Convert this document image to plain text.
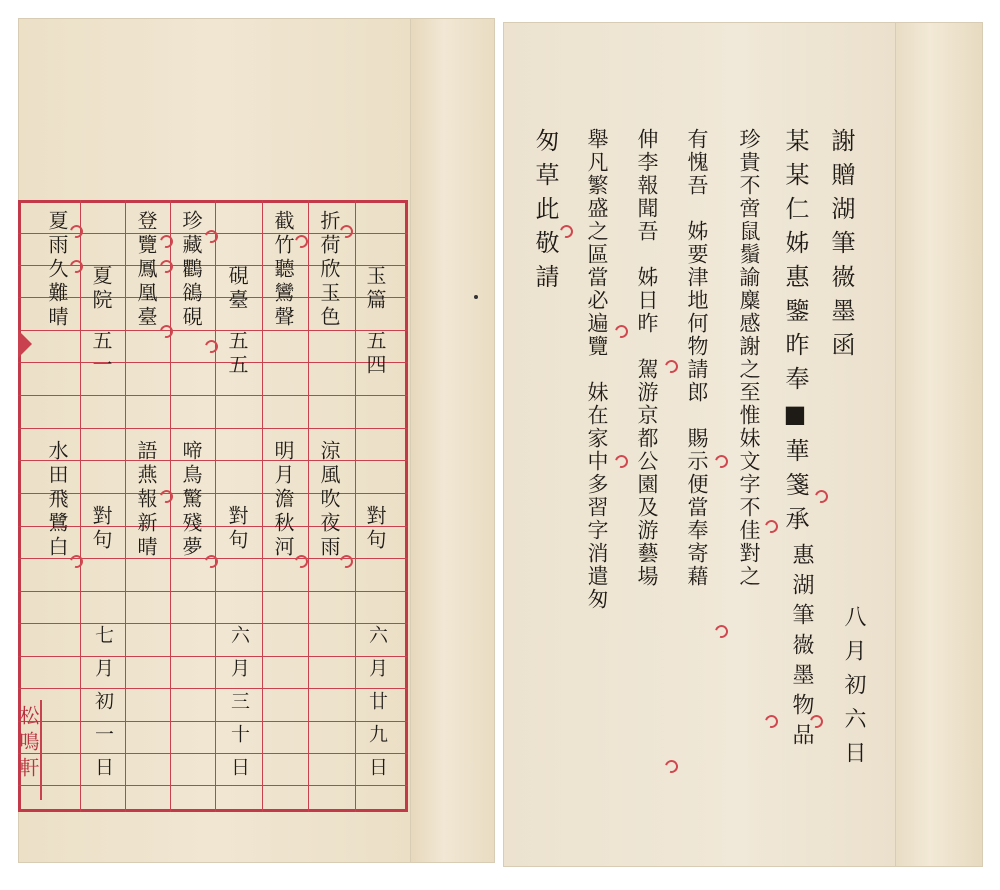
松鳴軒
玉篇
五四
對句
六月廿九日
折荷欣玉色
涼風吹夜雨
截竹聽鸞聲
明月澹秋河
硯臺
五五
對句
六月三十日
珍藏鸜鵒硯
啼鳥驚殘夢
登覽鳳凰臺
語燕報新晴
夏院
五一
對句
七月初一日
夏雨久難晴
水田飛鷺白
謝贈湖筆嶶墨函
某某仁姊惠鑒昨奉■華箋承
惠湖筆嶶墨物品
珍貴不啻鼠鬚諭麋感謝之至惟妹文字不佳對之
有愧吾　姊要津地何物請郎　賜示便當奉寄藉
伸李報聞吾　姊日昨　駕游京都公園及游藝場
舉凡繁盛之區當必遍覽　妹在家中多習字消遣匆
匆草此敬請
八月初六日
